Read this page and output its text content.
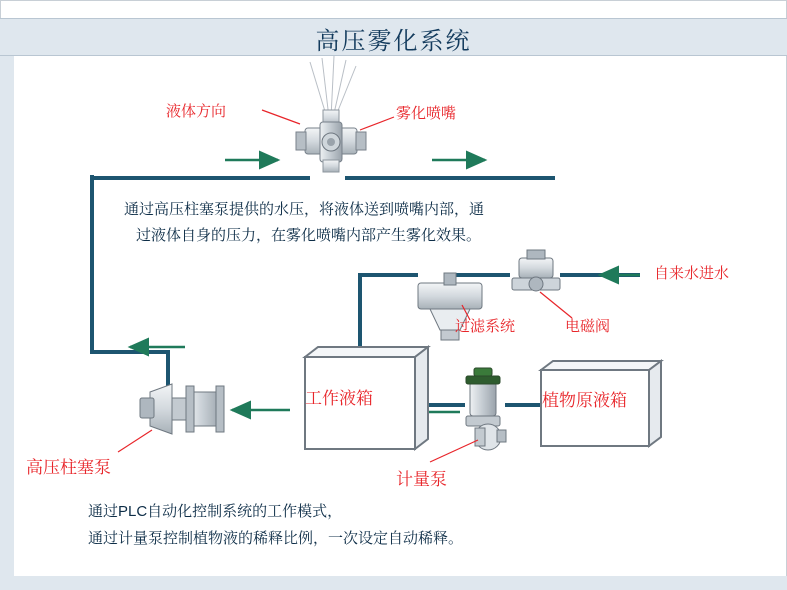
高压雾化系统
液体方向	雾化喷嘴
自来水进水
过滤系统	电磁阀
工作液箱	植物原液箱
高压柱塞泵
计量泵
通过高压柱塞泵提供的水压，将液体送到喷嘴内部，通
过液体自身的压力，在雾化喷嘴内部产生雾化效果。
通过PLC自动化控制系统的工作模式，
通过计量泵控制植物液的稀释比例，一次设定自动稀释。
